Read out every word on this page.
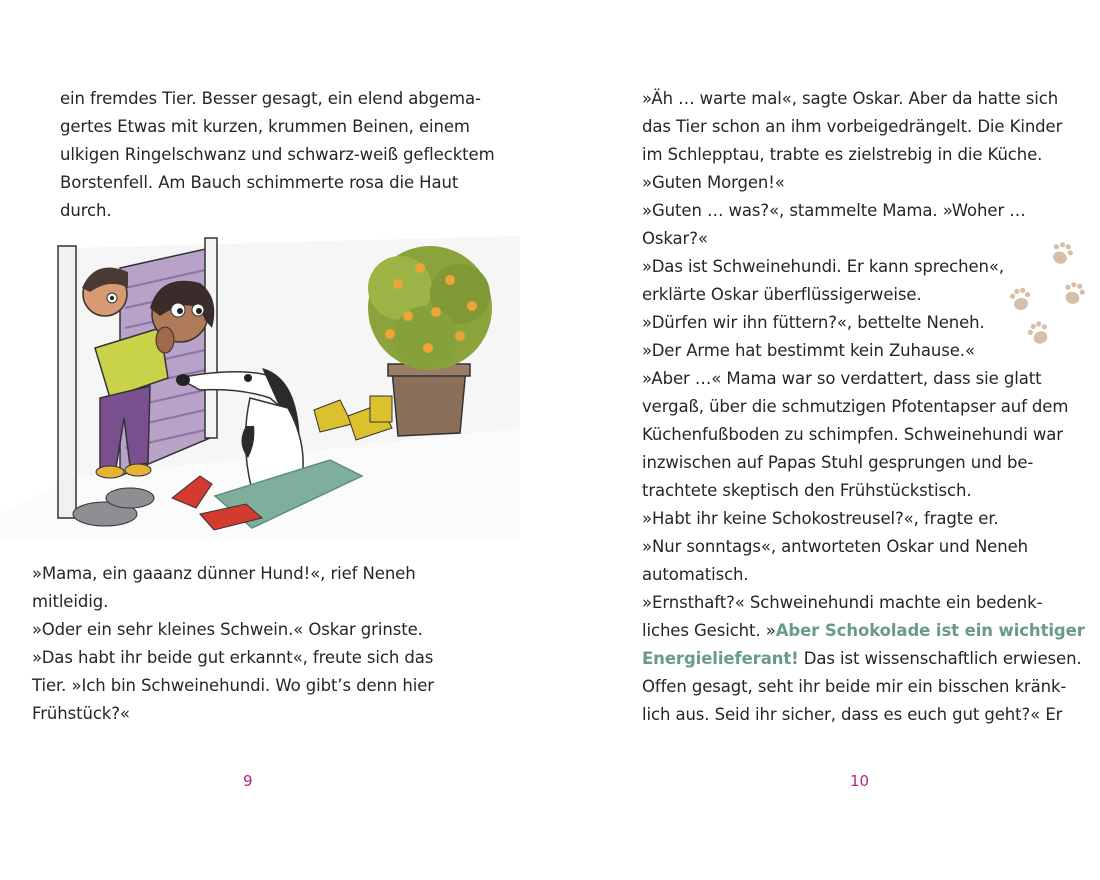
ein fremdes Tier. Besser gesagt, ein elend abgema-
gertes Etwas mit kurzen, krummen Beinen, einem
ulkigen Ringelschwanz und schwarz-weiß geflecktem
Borstenfell. Am Bauch schimmerte rosa die Haut
durch.
»Mama, ein gaaanz dünner Hund!«, rief Neneh
mitleidig.
»Oder ein sehr kleines Schwein.« Oskar grinste.
»Das habt ihr beide gut erkannt«, freute sich das
Tier. »Ich bin Schweinehundi. Wo gibt’s denn hier
Frühstück?«
9
»Äh … warte mal«, sagte Oskar. Aber da hatte sich
das Tier schon an ihm vorbeigedrängelt. Die Kinder
im Schlepptau, trabte es zielstrebig in die Küche.
»Guten Morgen!«
»Guten … was?«, stammelte Mama. »Woher …
Oskar?«
»Das ist Schweinehundi. Er kann sprechen«,
erklärte Oskar überflüssigerweise.
»Dürfen wir ihn füttern?«, bettelte Neneh.
»Der Arme hat bestimmt kein Zuhause.«
»Aber …« Mama war so verdattert, dass sie glatt
vergaß, über die schmutzigen Pfotentapser auf dem
Küchenfußboden zu schimpfen. Schweinehundi war
inzwischen auf Papas Stuhl gesprungen und be-
trachtete skeptisch den Frühstückstisch.
»Habt ihr keine Schokostreusel?«, fragte er.
»Nur sonntags«, antworteten Oskar und Neneh
automatisch.
»Ernsthaft?« Schweinehundi machte ein bedenk-
liches Gesicht. »Aber Schokolade ist ein wichtiger
Energielieferant! Das ist wissenschaftlich erwiesen.
Offen gesagt, seht ihr beide mir ein bisschen kränk-
lich aus. Seid ihr sicher, dass es euch gut geht?« Er
10
